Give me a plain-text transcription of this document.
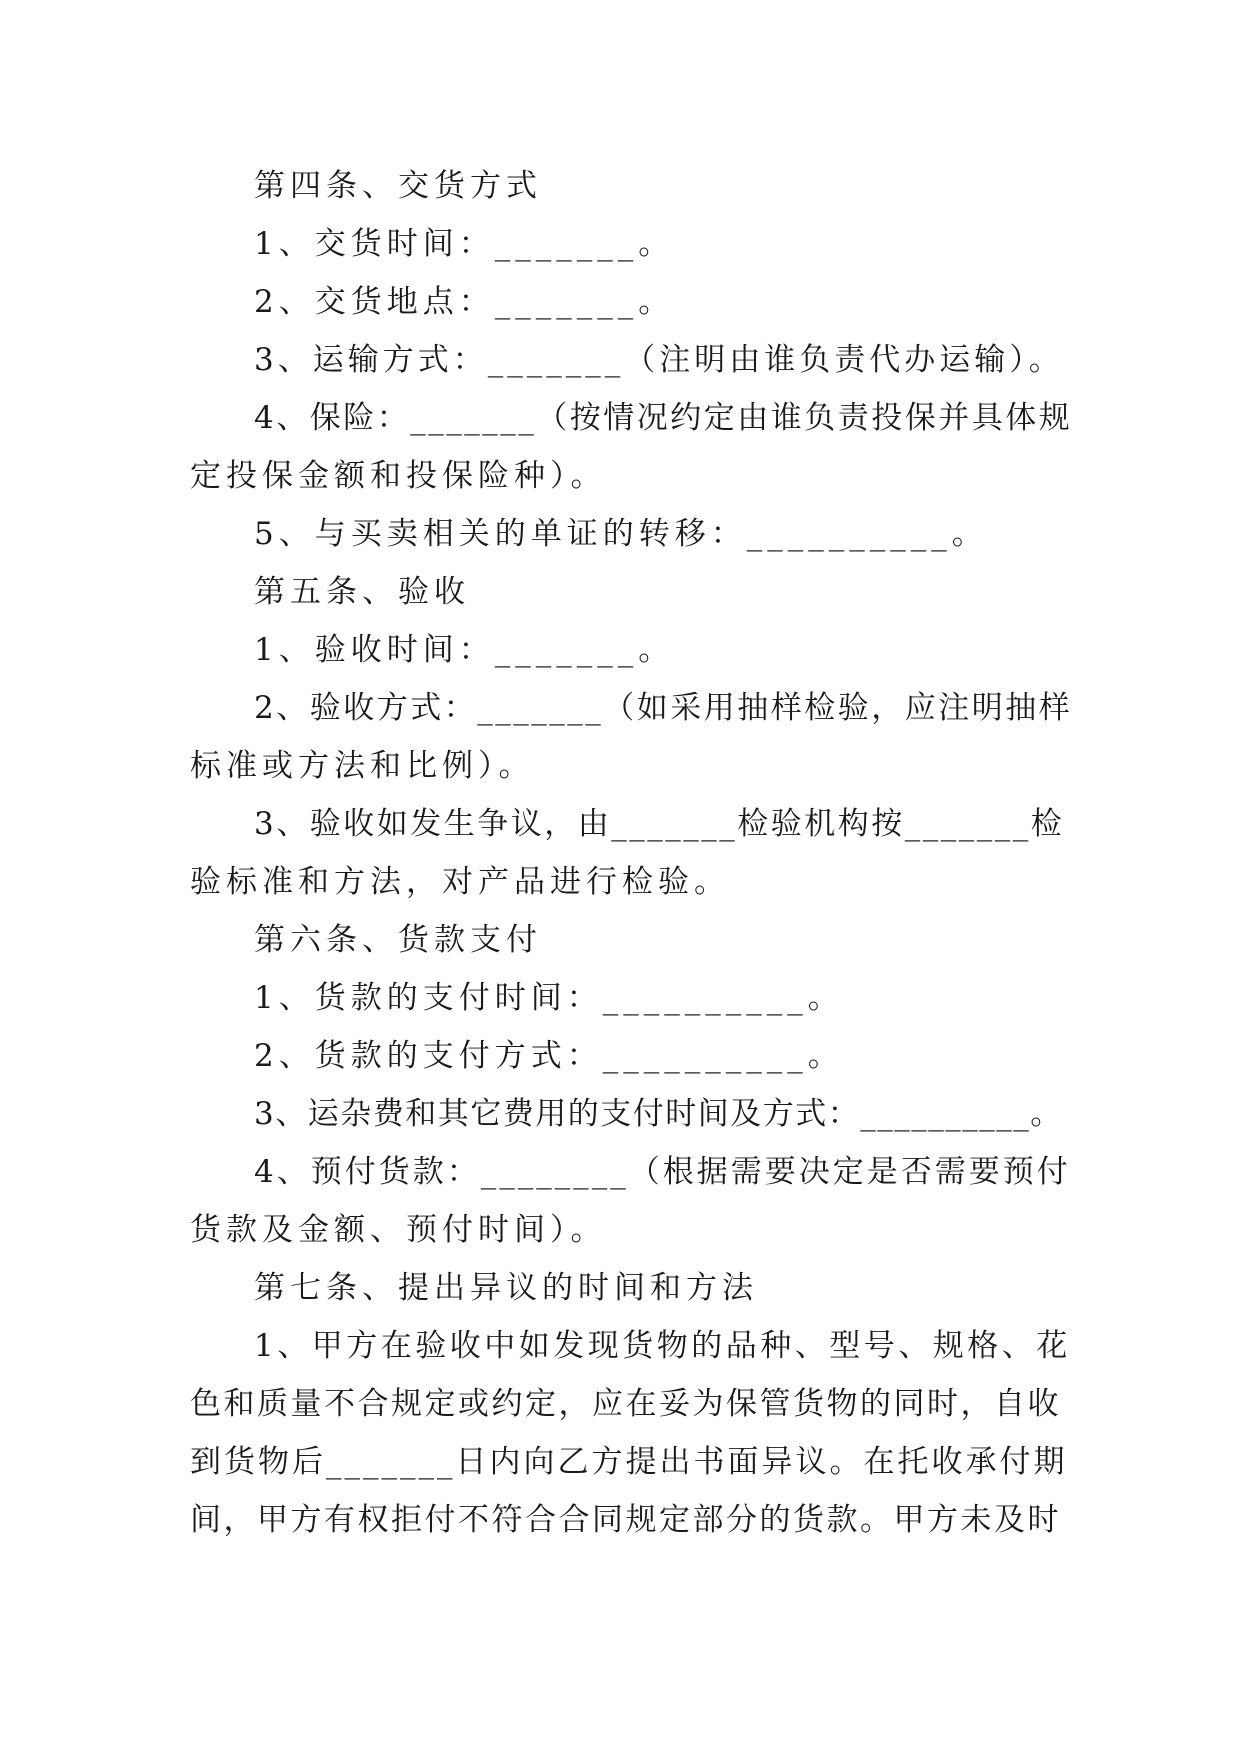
第四条、交货方式

1、交货时间：_______。

2、交货地点：_______。

3、运输方式：_______（注明由谁负责代办运输）。

4、保险：_______（按情况约定由谁负责投保并具体规

定投保金额和投保险种）。

5、与买卖相关的单证的转移：__________。

第五条、验收

1、验收时间：_______。

2、验收方式：_______（如采用抽样检验，应注明抽样

标准或方法和比例）。

3、验收如发生争议，由_______检验机构按_______检

验标准和方法，对产品进行检验。

第六条、货款支付

1、货款的支付时间：__________。

2、货款的支付方式：__________。

3、运杂费和其它费用的支付时间及方式：__________。

4、预付货款：________（根据需要决定是否需要预付

货款及金额、预付时间）。

第七条、提出异议的时间和方法

1、甲方在验收中如发现货物的品种、型号、规格、花

色和质量不合规定或约定，应在妥为保管货物的同时，自收

到货物后_______日内向乙方提出书面异议。在托收承付期

间，甲方有权拒付不符合合同规定部分的货款。甲方未及时
